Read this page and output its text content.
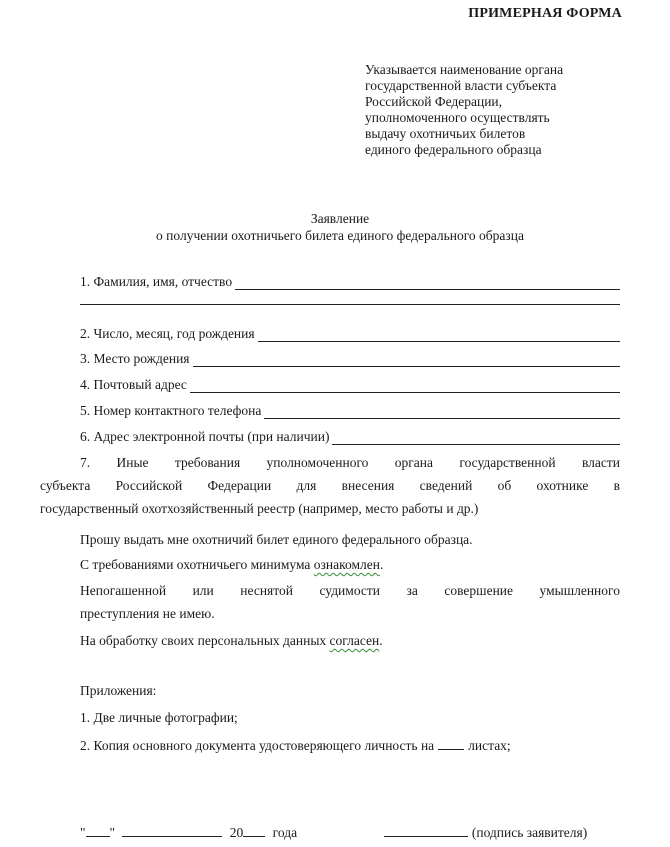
ПРИМЕРНАЯ ФОРМА
Указывается наименование органа
государственной власти субъекта
Российской Федерации,
уполномоченного осуществлять
выдачу охотничьих билетов
единого федерального образца
Заявление
о получении охотничьего билета единого федерального образца
1. Фамилия, имя, отчество
2. Число, месяц, год рождения
3. Место рождения
4. Почтовый адрес
5. Номер контактного телефона
6. Адрес электронной почты (при наличии)
7. Иные требования уполномоченного органа государственной власти
субъекта Российской Федерации для внесения сведений об охотнике в
государственный охотхозяйственный реестр (например, место работы и др.)
Прошу выдать мне охотничий билет единого федерального образца.
С требованиями охотничьего минимума ознакомлен.
Непогашенной или неснятой судимости за совершение умышленного
преступления не имею.
На обработку своих персональных данных согласен.
Приложения:
1. Две личные фотографии;
2. Копия основного документа удостоверяющего личность на	листах;
" "	20 года	(подпись заявителя)
